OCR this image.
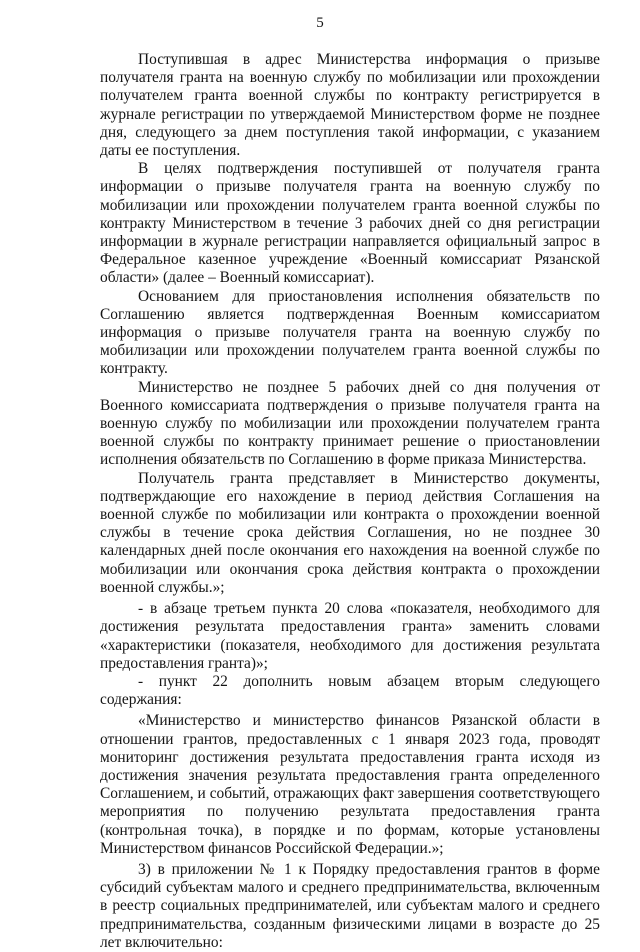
5

Поступившая в адрес Министерства информация о призыве получателя гранта на военную службу по мобилизации или прохождении получателем гранта военной службы по контракту регистрируется в журнале регистрации по утверждаемой Министерством форме не позднее дня, следующего за днем поступления такой информации, с указанием даты ее поступления.

В целях подтверждения поступившей от получателя гранта информации о призыве получателя гранта на военную службу по мобилизации или прохождении получателем гранта военной службы по контракту Министерством в течение 3 рабочих дней со дня регистрации информации в журнале регистрации направляется официальный запрос в Федеральное казенное учреждение «Военный комиссариат Рязанской области» (далее – Военный комиссариат).

Основанием для приостановления исполнения обязательств по Соглашению является подтвержденная Военным комиссариатом информация о призыве получателя гранта на военную службу по мобилизации или прохождении получателем гранта военной службы по контракту.

Министерство не позднее 5 рабочих дней со дня получения от Военного комиссариата подтверждения о призыве получателя гранта на военную службу по мобилизации или прохождении получателем гранта военной службы по контракту принимает решение о приостановлении исполнения обязательств по Соглашению в форме приказа Министерства.

Получатель гранта представляет в Министерство документы, подтверждающие его нахождение в период действия Соглашения на военной службе по мобилизации или контракта о прохождении военной службы в течение срока действия Соглашения, но не позднее 30 календарных дней после окончания его нахождения на военной службе по мобилизации или окончания срока действия контракта о прохождении военной службы.»;

- в абзаце третьем пункта 20 слова «показателя, необходимого для достижения результата предоставления гранта» заменить словами «характеристики (показателя, необходимого для достижения результата предоставления гранта)»;

- пункт 22 дополнить новым абзацем вторым следующего содержания:

«Министерство и министерство финансов Рязанской области в отношении грантов, предоставленных с 1 января 2023 года, проводят мониторинг достижения результата предоставления гранта исходя из достижения значения результата предоставления гранта определенного Соглашением, и событий, отражающих факт завершения соответствующего мероприятия по получению результата предоставления гранта (контрольная точка), в порядке и по формам, которые установлены Министерством финансов Российской Федерации.»;

3) в приложении № 1 к Порядку предоставления грантов в форме субсидий субъектам малого и среднего предпринимательства, включенным в реестр социальных предпринимателей, или субъектам малого и среднего предпринимательства, созданным физическими лицами в возрасте до 25 лет включительно:
